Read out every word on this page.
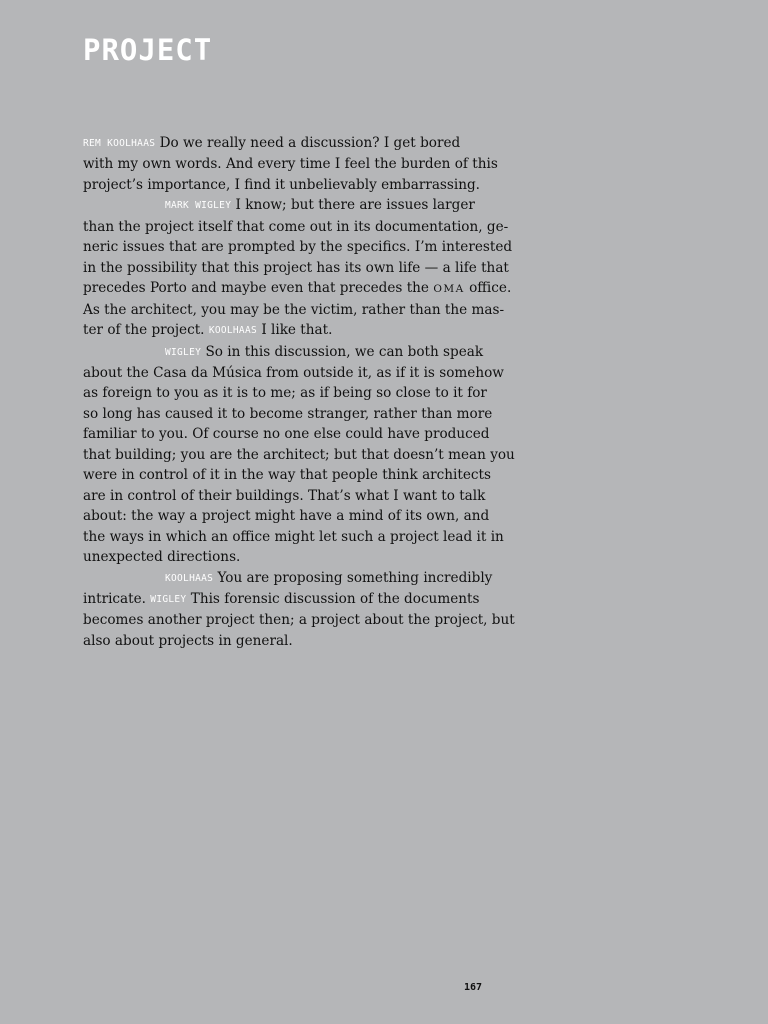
PROJECT
REM KOOLHAAS Do we really need a discussion? I get bored
with my own words. And every time I feel the burden of this
project’s importance, I find it unbelievably embarrassing.
MARK WIGLEY I know; but there are issues larger
than the project itself that come out in its documentation, ge-
neric issues that are prompted by the specifics. I’m interested
in the possibility that this project has its own life — a life that
precedes Porto and maybe even that precedes the OMA office.
As the architect, you may be the victim, rather than the mas-
ter of the project. KOOLHAAS I like that.
WIGLEY So in this discussion, we can both speak
about the Casa da Música from outside it, as if it is somehow
as foreign to you as it is to me; as if being so close to it for
so long has caused it to become stranger, rather than more
familiar to you. Of course no one else could have produced
that building; you are the architect; but that doesn’t mean you
were in control of it in the way that people think architects
are in control of their buildings. That’s what I want to talk
about: the way a project might have a mind of its own, and
the ways in which an office might let such a project lead it in
unexpected directions.
KOOLHAAS You are proposing something incredibly
intricate. WIGLEY This forensic discussion of the documents
becomes another project then; a project about the project, but
also about projects in general.
167
